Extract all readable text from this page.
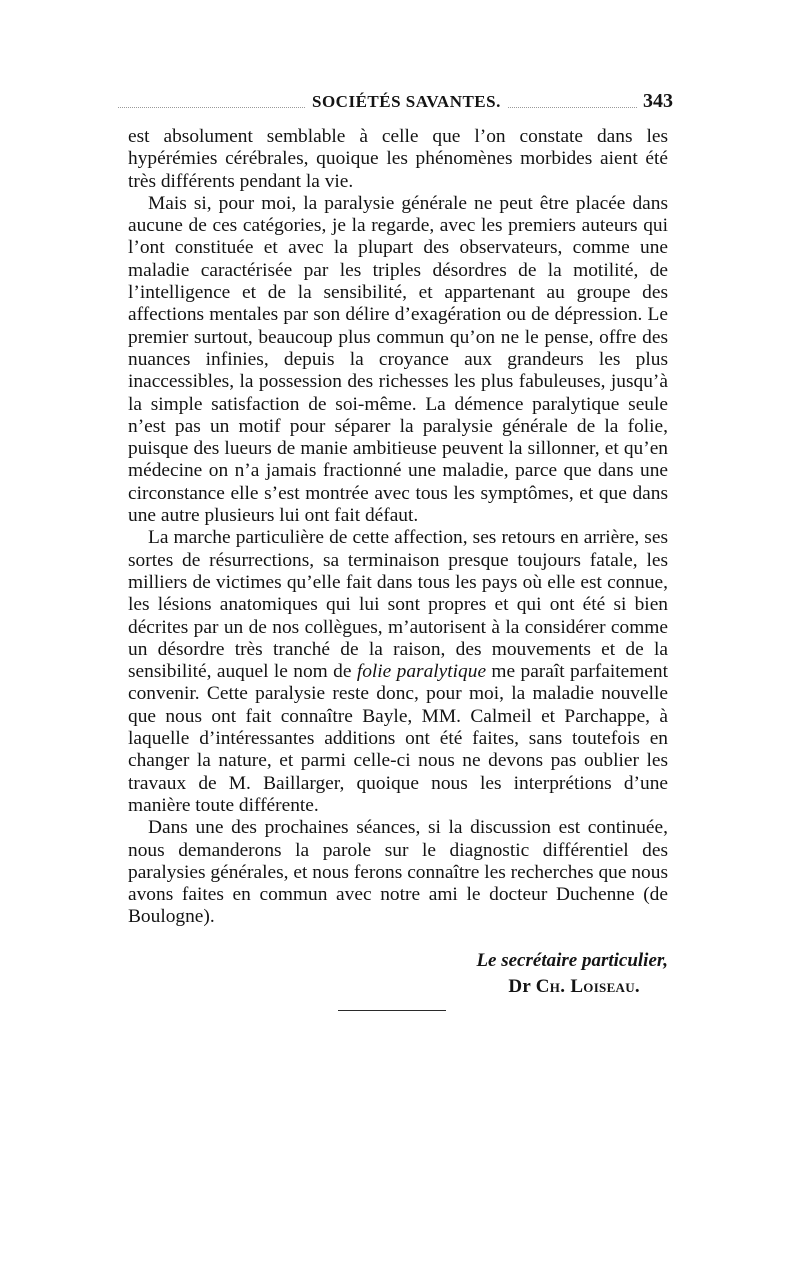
SOCIÉTÉS SAVANTES.	343

est absolument semblable à celle que l’on constate dans les hypérémies cérébrales, quoique les phénomènes morbides aient été très différents pendant la vie.

Mais si, pour moi, la paralysie générale ne peut être placée dans aucune de ces catégories, je la regarde, avec les premiers auteurs qui l’ont constituée et avec la plupart des observateurs, comme une maladie caractérisée par les triples désordres de la motilité, de l’intelligence et de la sensibilité, et appartenant au groupe des affections mentales par son délire d’exagération ou de dépression. Le premier surtout, beaucoup plus commun qu’on ne le pense, offre des nuances infinies, depuis la croyance aux grandeurs les plus inaccessibles, la possession des richesses les plus fabuleuses, jusqu’à la simple satisfaction de soi-même. La démence paralytique seule n’est pas un motif pour séparer la paralysie générale de la folie, puisque des lueurs de manie ambitieuse peuvent la sillonner, et qu’en médecine on n’a jamais fractionné une maladie, parce que dans une circonstance elle s’est montrée avec tous les symptômes, et que dans une autre plusieurs lui ont fait défaut.

La marche particulière de cette affection, ses retours en arrière, ses sortes de résurrections, sa terminaison presque toujours fatale, les milliers de victimes qu’elle fait dans tous les pays où elle est connue, les lésions anatomiques qui lui sont propres et qui ont été si bien décrites par un de nos collègues, m’autorisent à la considérer comme un désordre très tranché de la raison, des mouvements et de la sensibilité, auquel le nom de folie paralytique me paraît parfaitement convenir. Cette paralysie reste donc, pour moi, la maladie nouvelle que nous ont fait connaître Bayle, MM. Calmeil et Parchappe, à laquelle d’intéressantes additions ont été faites, sans toutefois en changer la nature, et parmi celle-ci nous ne devons pas oublier les travaux de M. Baillarger, quoique nous les interprétions d’une manière toute différente.

Dans une des prochaines séances, si la discussion est continuée, nous demanderons la parole sur le diagnostic différentiel des paralysies générales, et nous ferons connaître les recherches que nous avons faites en commun avec notre ami le docteur Duchenne (de Boulogne).

Le secrétaire particulier,
Dr Ch. Loiseau.
